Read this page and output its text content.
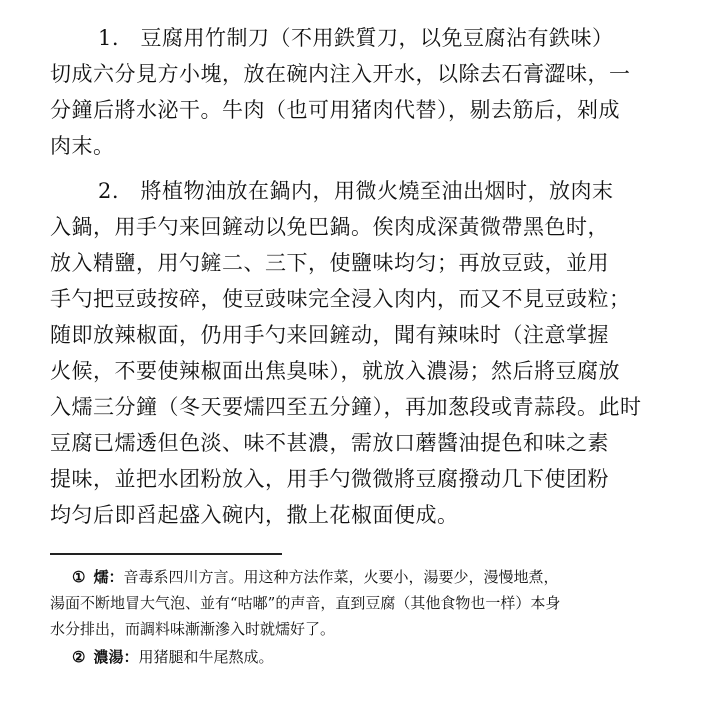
1.　豆腐用竹制刀（不用鉄質刀，以免豆腐沾有鉄味）

切成六分見方小塊，放在碗内注入开水，以除去石膏澀味，一

分鐘后將水泌干。牛肉（也可用猪肉代替），剔去筋后，剁成

肉末。

2.　將植物油放在鍋内，用微火燒至油出烟时，放肉末

入鍋，用手勺来回鏟动以免巴鍋。俟肉成深黃微帶黑色时，

放入精鹽，用勺鏟二、三下，使鹽味均匀；再放豆豉，並用

手勺把豆豉按碎，使豆豉味完全浸入肉内，而又不見豆豉粒；

随即放辣椒面，仍用手勺来回鏟动，聞有辣味时（注意掌握

火候，不要使辣椒面出焦臭味），就放入濃湯；然后將豆腐放

入燸三分鐘（冬天要燸四至五分鐘），再加葱段或青蒜段。此时

豆腐已燸透但色淡、味不甚濃，需放口蘑醬油提色和味之素

提味，並把水团粉放入，用手勺微微將豆腐撥动几下使团粉

均匀后即舀起盛入碗内，撒上花椒面便成。

① 燸：音毒系四川方言。用这种方法作菜，火要小，湯要少，漫慢地煮，

湯面不断地冒大气泡、並有“咕嘟”的声音，直到豆腐（其他食物也一样）本身

水分排出，而調料味漸漸滲入时就燸好了。

② 濃湯：用猪腿和牛尾熬成。
